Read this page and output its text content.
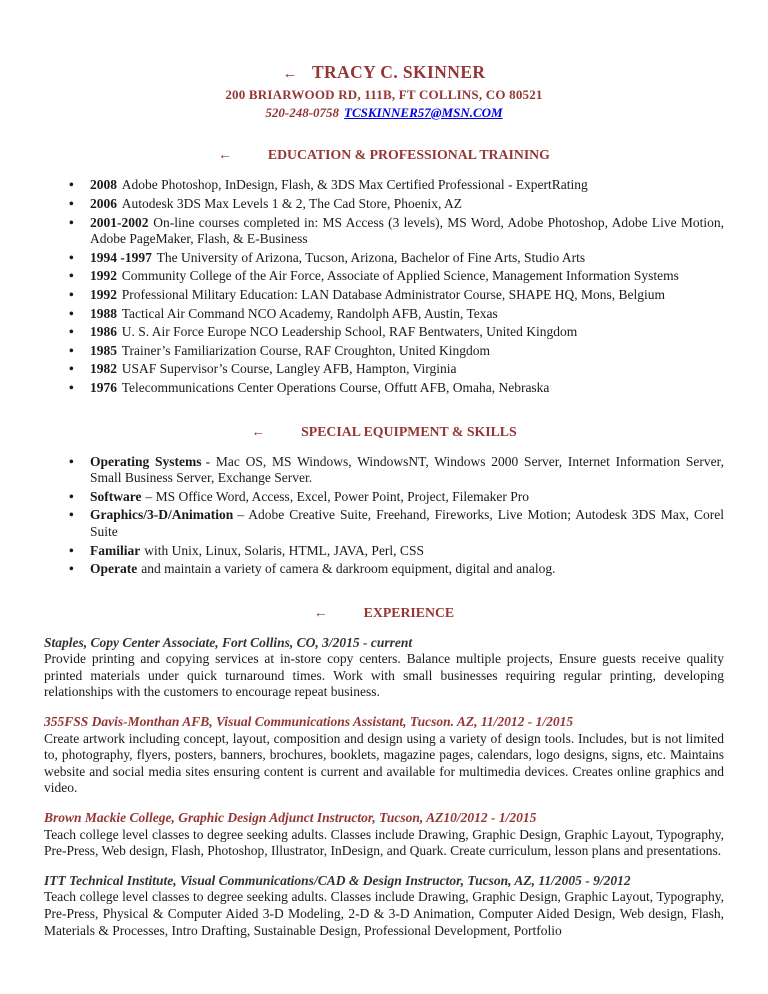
← TRACY C. SKINNER
200 BRIARWOOD RD, 111B, FT COLLINS, CO 80521
520-248-0758 TCSKINNER57@MSN.COM
←	EDUCATION & PROFESSIONAL TRAINING
• 2008 Adobe Photoshop, InDesign, Flash, & 3DS Max Certified Professional - ExpertRating
• 2006 Autodesk 3DS Max Levels 1 & 2, The Cad Store, Phoenix, AZ
• 2001-2002 On-line courses completed in: MS Access (3 levels), MS Word, Adobe Photoshop, Adobe Live Motion, Adobe PageMaker, Flash, & E-Business
• 1994 -1997 The University of Arizona, Tucson, Arizona, Bachelor of Fine Arts, Studio Arts
• 1992 Community College of the Air Force, Associate of Applied Science, Management Information Systems
• 1992 Professional Military Education: LAN Database Administrator Course, SHAPE HQ, Mons, Belgium
• 1988 Tactical Air Command NCO Academy, Randolph AFB, Austin, Texas
• 1986 U. S. Air Force Europe NCO Leadership School, RAF Bentwaters, United Kingdom
• 1985 Trainer’s Familiarization Course, RAF Croughton, United Kingdom
• 1982 USAF Supervisor’s Course, Langley AFB, Hampton, Virginia
• 1976 Telecommunications Center Operations Course, Offutt AFB, Omaha, Nebraska
←	SPECIAL EQUIPMENT & SKILLS
• Operating Systems - Mac OS, MS Windows, WindowsNT, Windows 2000 Server, Internet Information Server, Small Business Server, Exchange Server.
• Software – MS Office Word, Access, Excel, Power Point, Project, Filemaker Pro
• Graphics/3-D/Animation – Adobe Creative Suite, Freehand, Fireworks, Live Motion; Autodesk 3DS Max, Corel Suite
• Familiar with Unix, Linux, Solaris, HTML, JAVA, Perl, CSS
• Operate and maintain a variety of camera & darkroom equipment, digital and analog.
←	EXPERIENCE
Staples, Copy Center Associate, Fort Collins, CO, 3/2015 - current

Provide printing and copying services at in-store copy centers. Balance multiple projects, Ensure guests receive quality printed materials under quick turnaround times. Work with small businesses requiring regular printing, developing relationships with the customers to encourage repeat business.

355FSS Davis-Monthan AFB, Visual Communications Assistant, Tucson. AZ, 11/2012 - 1/2015

Create artwork including concept, layout, composition and design using a variety of design tools. Includes, but is not limited to, photography, flyers, posters, banners, brochures, booklets, magazine pages, calendars, logo designs, signs, etc. Maintains website and social media sites ensuring content is current and available for multimedia devices. Creates online graphics and video.

Brown Mackie College, Graphic Design Adjunct Instructor, Tucson, AZ10/2012 - 1/2015

Teach college level classes to degree seeking adults. Classes include Drawing, Graphic Design, Graphic Layout, Typography, Pre-Press, Web design, Flash, Photoshop, Illustrator, InDesign, and Quark. Create curriculum, lesson plans and presentations.

ITT Technical Institute, Visual Communications/CAD & Design Instructor, Tucson, AZ, 11/2005 - 9/2012

Teach college level classes to degree seeking adults. Classes include Drawing, Graphic Design, Graphic Layout, Typography, Pre-Press, Physical & Computer Aided 3-D Modeling, 2-D & 3-D Animation, Computer Aided Design, Web design, Flash, Materials & Processes, Intro Drafting, Sustainable Design, Professional Development, Portfolio
